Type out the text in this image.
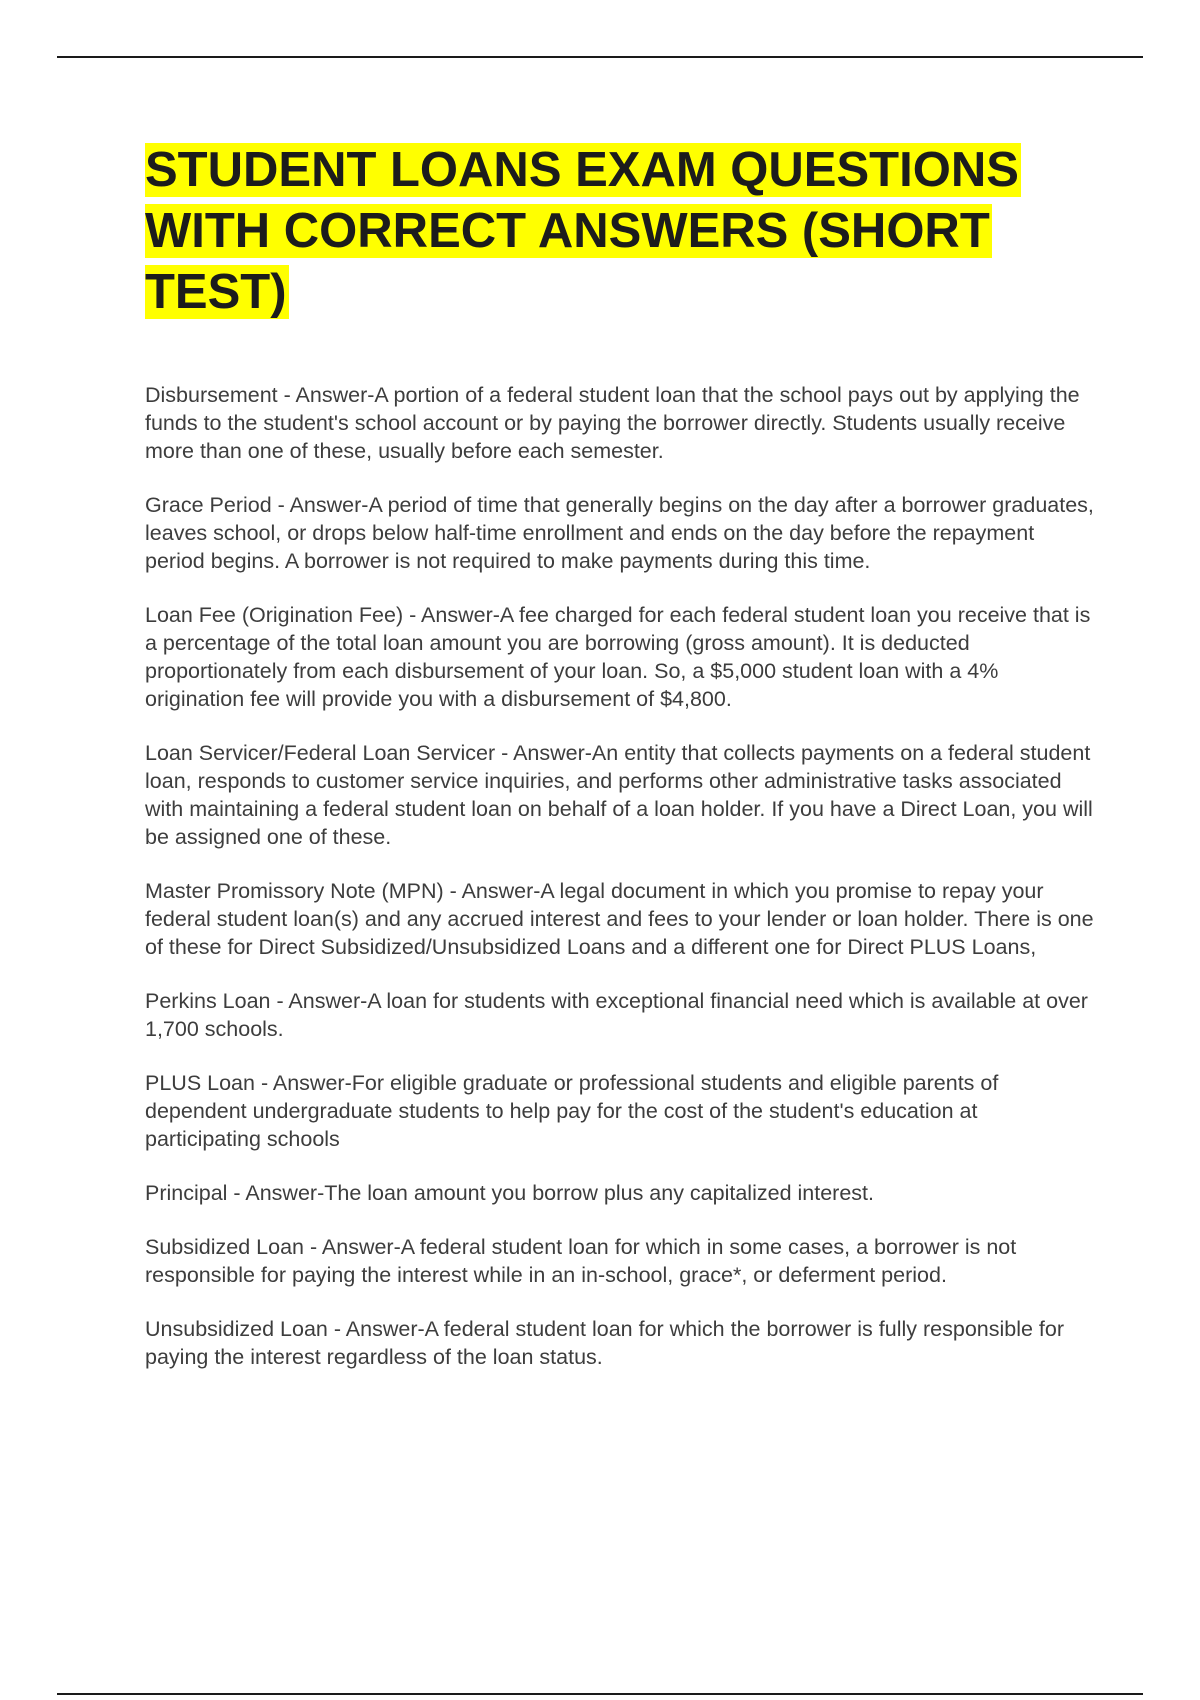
STUDENT LOANS EXAM QUESTIONS WITH CORRECT ANSWERS (SHORT TEST)
Disbursement - Answer-A portion of a federal student loan that the school pays out by applying the funds to the student's school account or by paying the borrower directly. Students usually receive more than one of these, usually before each semester.
Grace Period - Answer-A period of time that generally begins on the day after a borrower graduates, leaves school, or drops below half-time enrollment and ends on the day before the repayment period begins. A borrower is not required to make payments during this time.
Loan Fee (Origination Fee) - Answer-A fee charged for each federal student loan you receive that is a percentage of the total loan amount you are borrowing (gross amount). It is deducted proportionately from each disbursement of your loan. So, a $5,000 student loan with a 4% origination fee will provide you with a disbursement of $4,800.
Loan Servicer/Federal Loan Servicer - Answer-An entity that collects payments on a federal student loan, responds to customer service inquiries, and performs other administrative tasks associated with maintaining a federal student loan on behalf of a loan holder. If you have a Direct Loan, you will be assigned one of these.
Master Promissory Note (MPN) - Answer-A legal document in which you promise to repay your federal student loan(s) and any accrued interest and fees to your lender or loan holder. There is one of these for Direct Subsidized/Unsubsidized Loans and a different one for Direct PLUS Loans,
Perkins Loan - Answer-A loan for students with exceptional financial need which is available at over 1,700 schools.
PLUS Loan - Answer-For eligible graduate or professional students and eligible parents of dependent undergraduate students to help pay for the cost of the student's education at participating schools
Principal - Answer-The loan amount you borrow plus any capitalized interest.
Subsidized Loan - Answer-A federal student loan for which in some cases, a borrower is not responsible for paying the interest while in an in-school, grace*, or deferment period.
Unsubsidized Loan - Answer-A federal student loan for which the borrower is fully responsible for paying the interest regardless of the loan status.
